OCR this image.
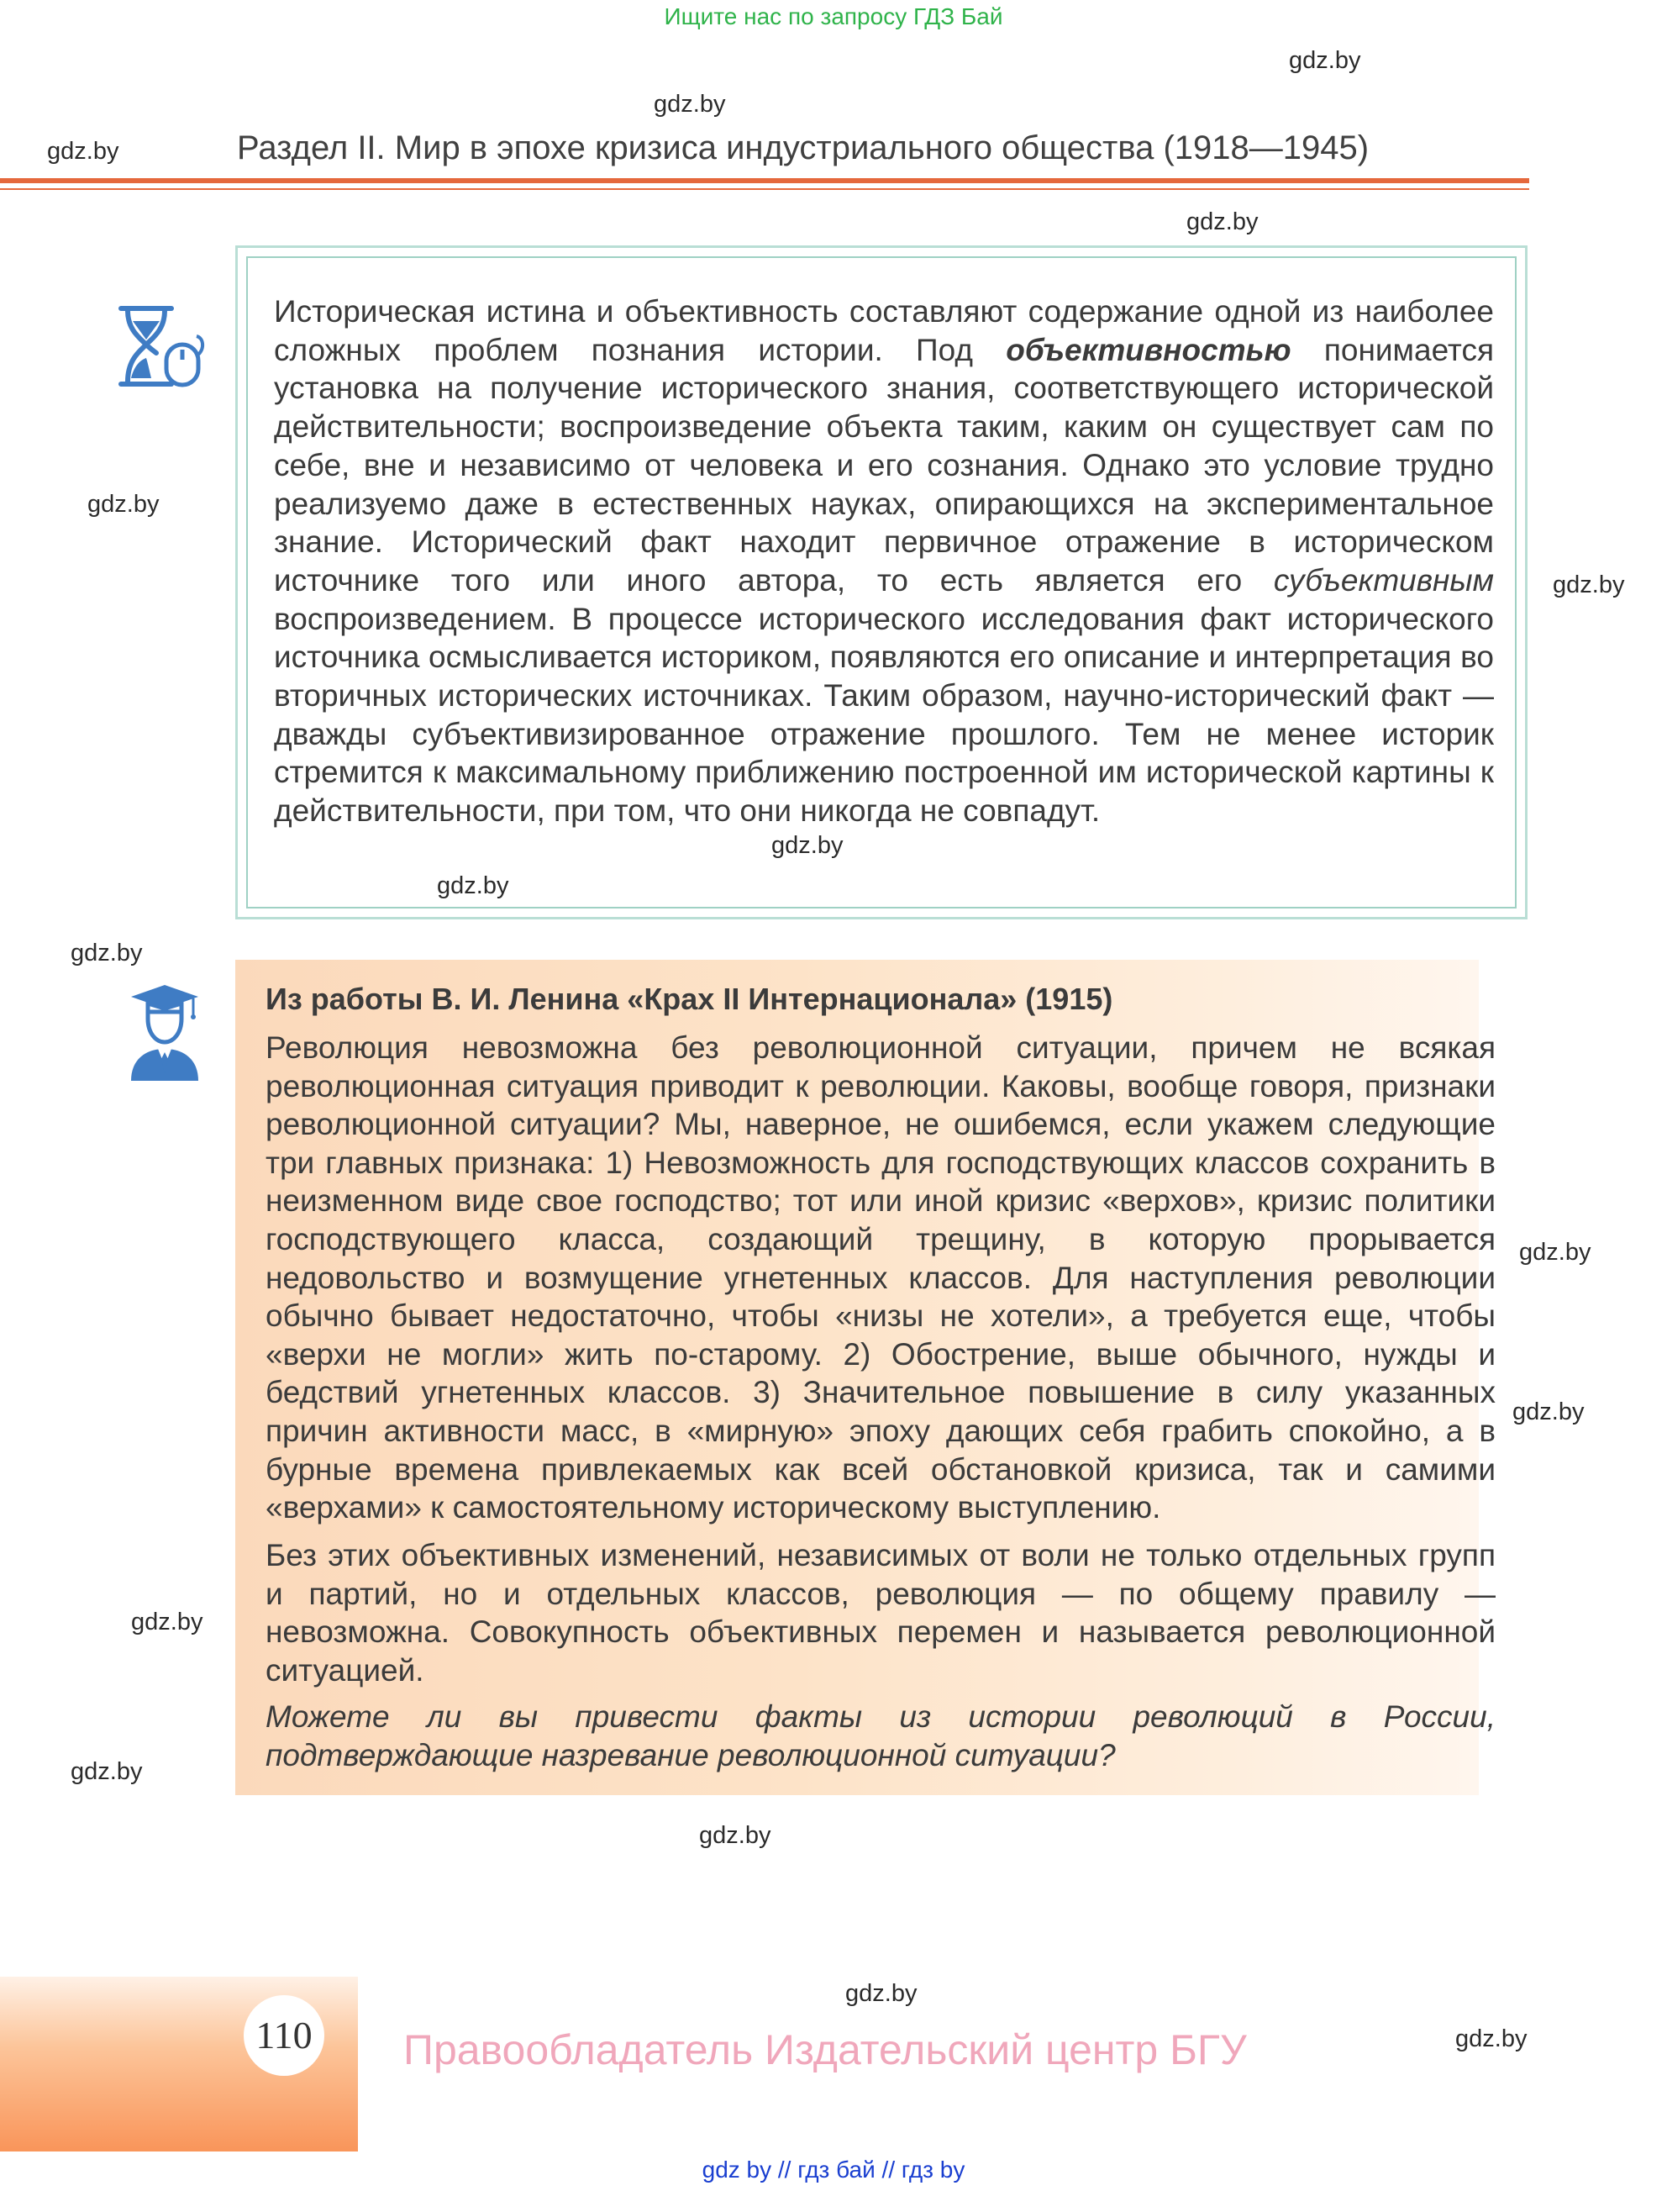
Ищите нас по запросу ГДЗ Бай
gdz.by
gdz.by
gdz.by
gdz.by
gdz.by
gdz.by
gdz.by
gdz.by
gdz.by
gdz.by
gdz.by
gdz.by
gdz.by
gdz.by
gdz.by
gdz.by
Раздел II. Мир в эпохе кризиса индустриального общества (1918—1945)
Историческая истина и объективность составляют содержание одной из наиболее сложных проблем познания истории. Под объективностью понимается установка на получение исторического знания, соответствующего исторической действительности; воспроизведение объекта таким, каким он существует сам по себе, вне и независимо от человека и его сознания. Однако это условие трудно реализуемо даже в естественных науках, опирающихся на экспериментальное знание. Исторический факт находит первичное отражение в историческом источнике того или иного автора, то есть является его субъективным воспроизведением. В процессе исторического исследования факт исторического источника осмысливается историком, появляются его описание и интерпретация во вторичных исторических источниках. Таким образом, научно-исторический факт — дважды субъективизированное отражение прошлого. Тем не менее историк стремится к максимальному приближению построенной им исторической картины к действительности, при том, что они никогда не совпадут.
Из работы В. И. Ленина «Крах II Интернационала» (1915)
Революция невозможна без революционной ситуации, причем не всякая революционная ситуация приводит к революции. Каковы, вообще говоря, признаки революционной ситуации? Мы, наверное, не ошибемся, если укажем следующие три главных признака: 1) Невозможность для господствующих классов сохранить в неизменном виде свое господство; тот или иной кризис «верхов», кризис политики господствующего класса, создающий трещину, в которую прорывается недовольство и возмущение угнетенных классов. Для наступления революции обычно бывает недостаточно, чтобы «низы не хотели», а требуется еще, чтобы «верхи не могли» жить по-старому. 2) Обострение, выше обычного, нужды и бедствий угнетенных классов. 3) Значительное повышение в силу указанных причин активности масс, в «мирную» эпоху дающих себя грабить спокойно, а в бурные времена привлекаемых как всей обстановкой кризиса, так и самими «верхами» к самостоятельному историческому выступлению.
Без этих объективных изменений, независимых от воли не только отдельных групп и партий, но и отдельных классов, революция — по общему правилу — невозможна. Совокупность объективных перемен и называется революционной ситуацией.
Можете ли вы привести факты из истории революций в России, подтверждающие назревание революционной ситуации?
110 Правообладатель Издательский центр БГУ
gdz by // гдз бай // гдз by
